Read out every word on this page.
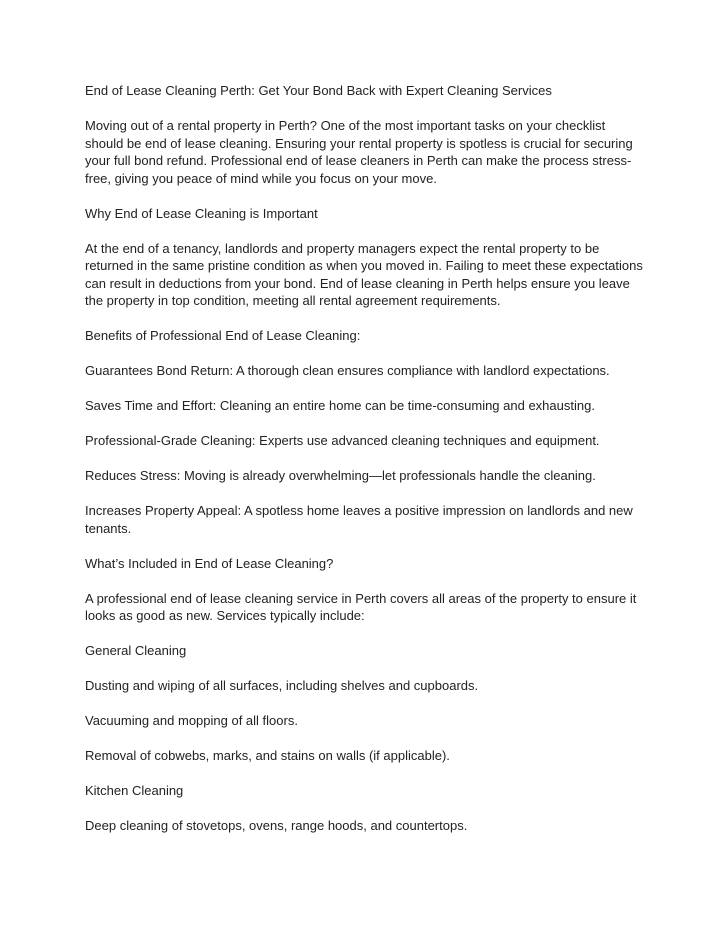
End of Lease Cleaning Perth: Get Your Bond Back with Expert Cleaning Services

Moving out of a rental property in Perth? One of the most important tasks on your checklist should be end of lease cleaning. Ensuring your rental property is spotless is crucial for securing your full bond refund. Professional end of lease cleaners in Perth can make the process stress-free, giving you peace of mind while you focus on your move.

Why End of Lease Cleaning is Important

At the end of a tenancy, landlords and property managers expect the rental property to be returned in the same pristine condition as when you moved in. Failing to meet these expectations can result in deductions from your bond. End of lease cleaning in Perth helps ensure you leave the property in top condition, meeting all rental agreement requirements.

Benefits of Professional End of Lease Cleaning:

Guarantees Bond Return: A thorough clean ensures compliance with landlord expectations.

Saves Time and Effort: Cleaning an entire home can be time-consuming and exhausting.

Professional-Grade Cleaning: Experts use advanced cleaning techniques and equipment.

Reduces Stress: Moving is already overwhelming—let professionals handle the cleaning.

Increases Property Appeal: A spotless home leaves a positive impression on landlords and new tenants.

What’s Included in End of Lease Cleaning?

A professional end of lease cleaning service in Perth covers all areas of the property to ensure it looks as good as new. Services typically include:

General Cleaning

Dusting and wiping of all surfaces, including shelves and cupboards.

Vacuuming and mopping of all floors.

Removal of cobwebs, marks, and stains on walls (if applicable).

Kitchen Cleaning

Deep cleaning of stovetops, ovens, range hoods, and countertops.
